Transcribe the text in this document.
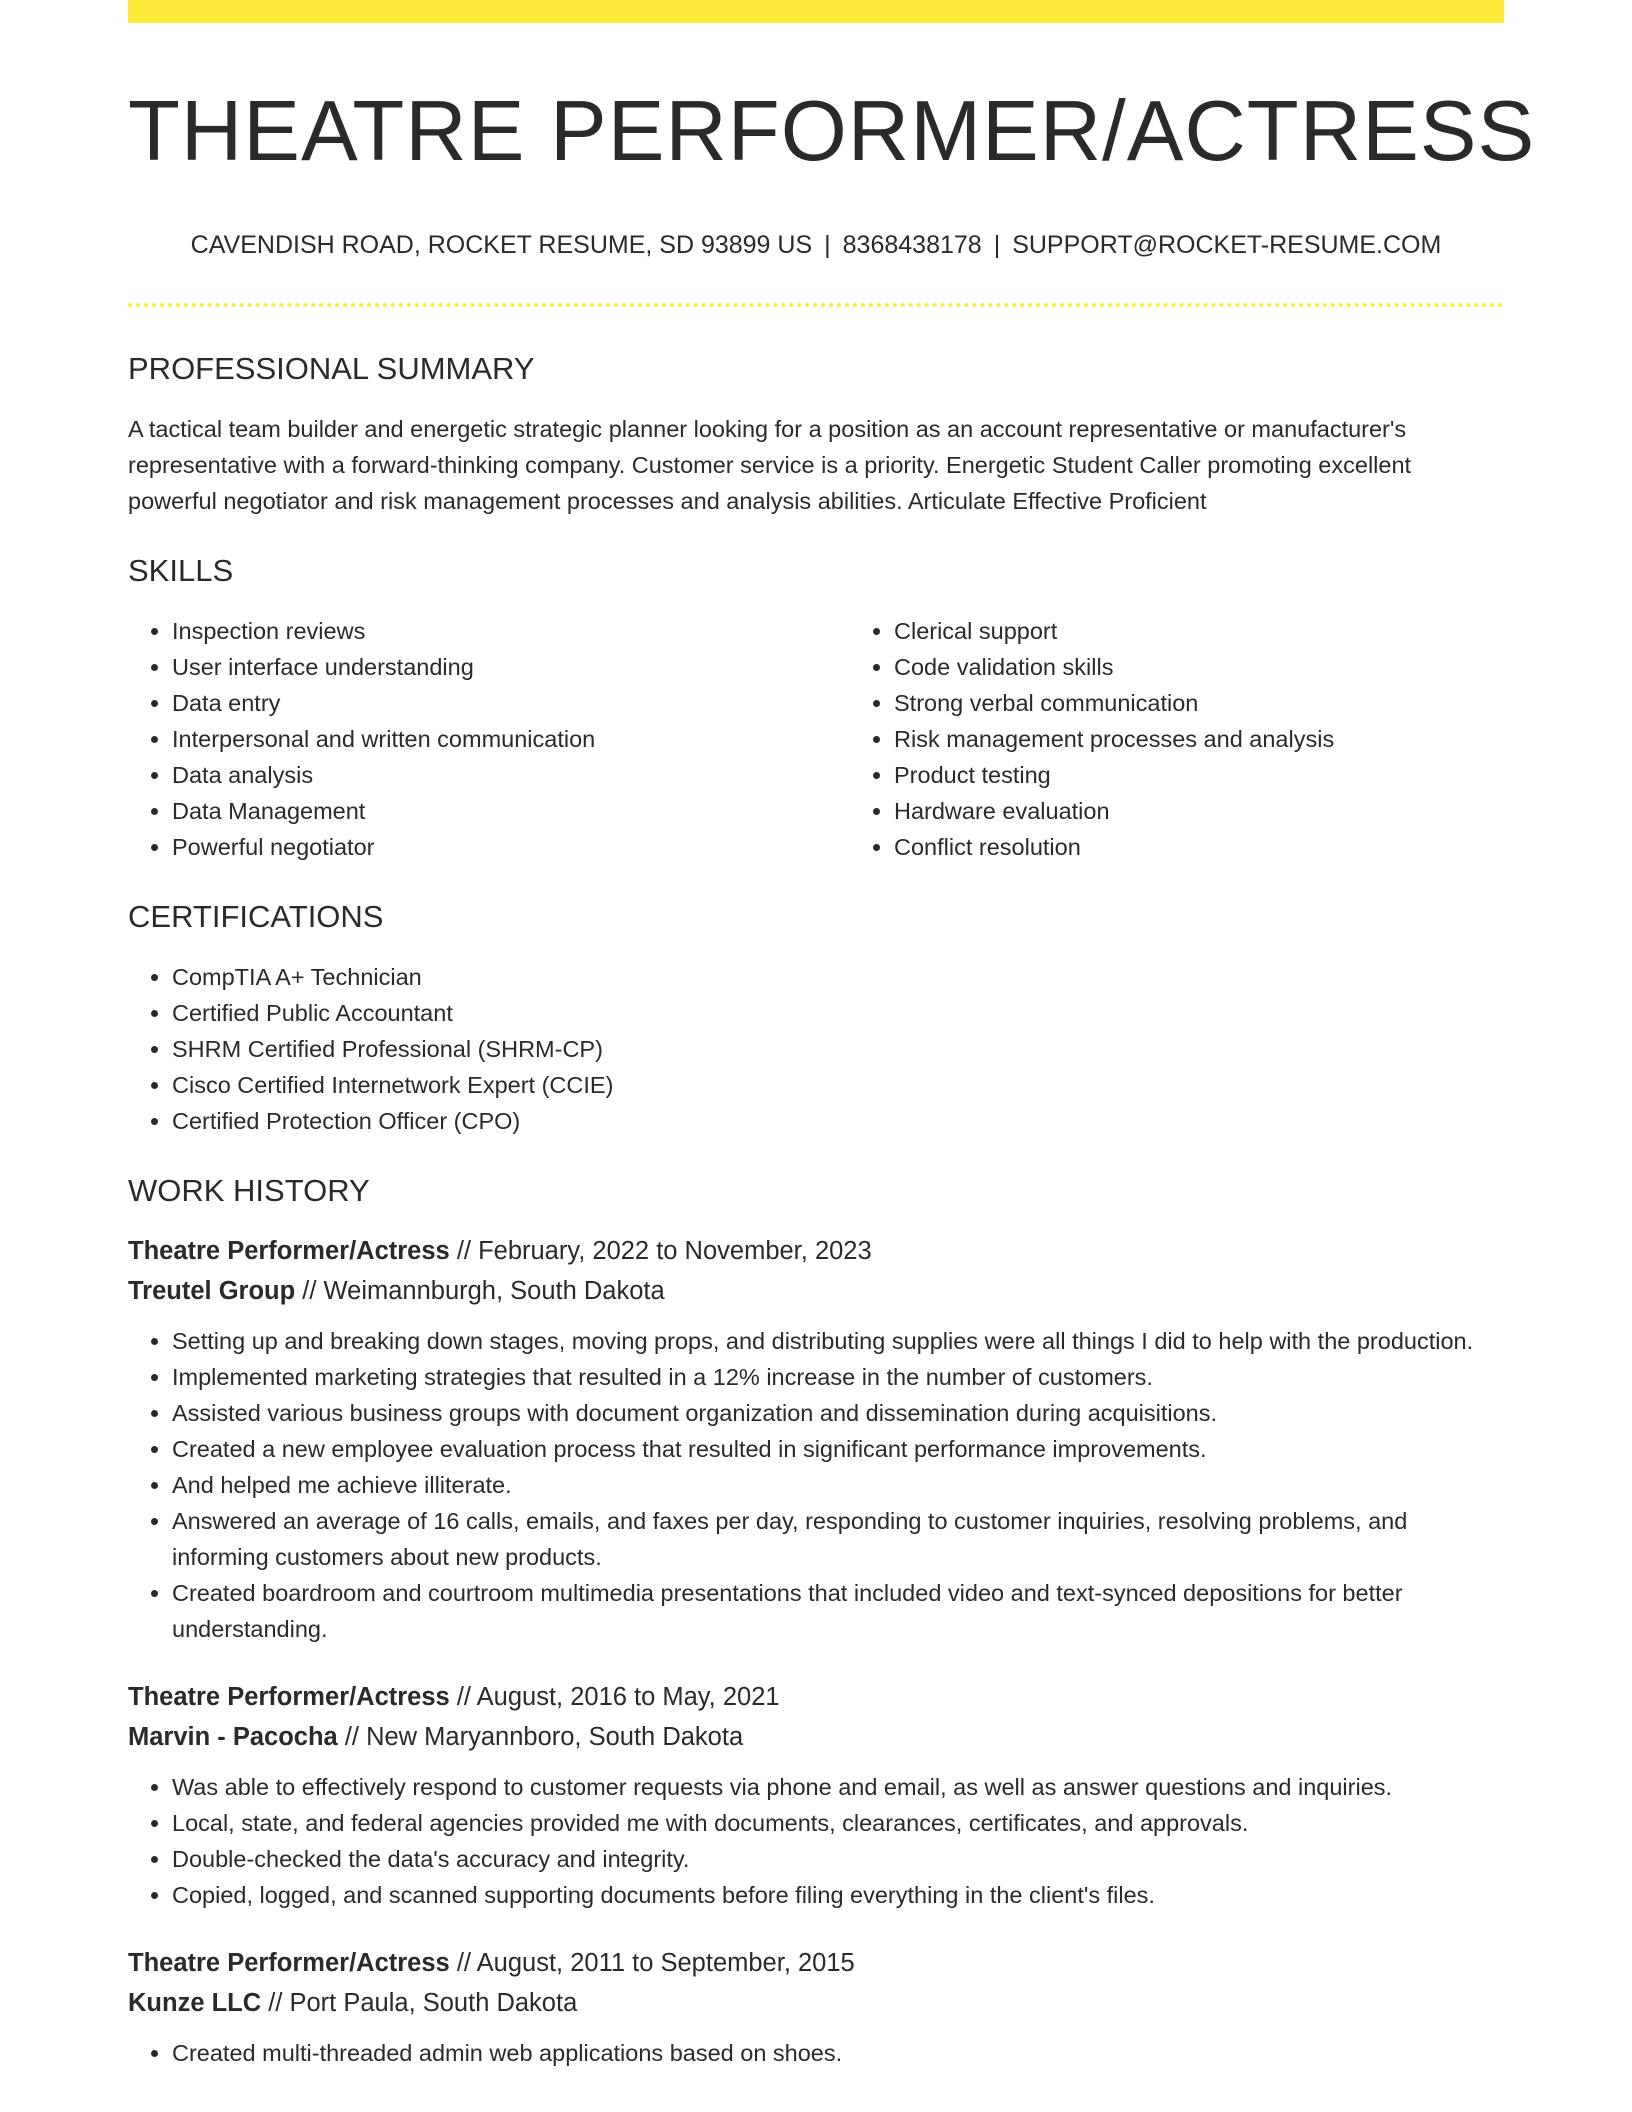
THEATRE PERFORMER/ACTRESS
CAVENDISH ROAD, ROCKET RESUME, SD 93899 US | 8368438178 | SUPPORT@ROCKET-RESUME.COM
PROFESSIONAL SUMMARY
A tactical team builder and energetic strategic planner looking for a position as an account representative or manufacturer's representative with a forward-thinking company. Customer service is a priority. Energetic Student Caller promoting excellent powerful negotiator and risk management processes and analysis abilities. Articulate Effective Proficient
SKILLS
• Inspection reviews
• User interface understanding
• Data entry
• Interpersonal and written communication
• Data analysis
• Data Management
• Powerful negotiator
• Clerical support
• Code validation skills
• Strong verbal communication
• Risk management processes and analysis
• Product testing
• Hardware evaluation
• Conflict resolution
CERTIFICATIONS
• CompTIA A+ Technician
• Certified Public Accountant
• SHRM Certified Professional (SHRM-CP)
• Cisco Certified Internetwork Expert (CCIE)
• Certified Protection Officer (CPO)
WORK HISTORY
Theatre Performer/Actress // February, 2022 to November, 2023
Treutel Group // Weimannburgh, South Dakota
• Setting up and breaking down stages, moving props, and distributing supplies were all things I did to help with the production.
• Implemented marketing strategies that resulted in a 12% increase in the number of customers.
• Assisted various business groups with document organization and dissemination during acquisitions.
• Created a new employee evaluation process that resulted in significant performance improvements.
• And helped me achieve illiterate.
• Answered an average of 16 calls, emails, and faxes per day, responding to customer inquiries, resolving problems, and informing customers about new products.
• Created boardroom and courtroom multimedia presentations that included video and text-synced depositions for better understanding.
Theatre Performer/Actress // August, 2016 to May, 2021
Marvin - Pacocha // New Maryannboro, South Dakota
• Was able to effectively respond to customer requests via phone and email, as well as answer questions and inquiries.
• Local, state, and federal agencies provided me with documents, clearances, certificates, and approvals.
• Double-checked the data's accuracy and integrity.
• Copied, logged, and scanned supporting documents before filing everything in the client's files.
Theatre Performer/Actress // August, 2011 to September, 2015
Kunze LLC // Port Paula, South Dakota
• Created multi-threaded admin web applications based on shoes.
